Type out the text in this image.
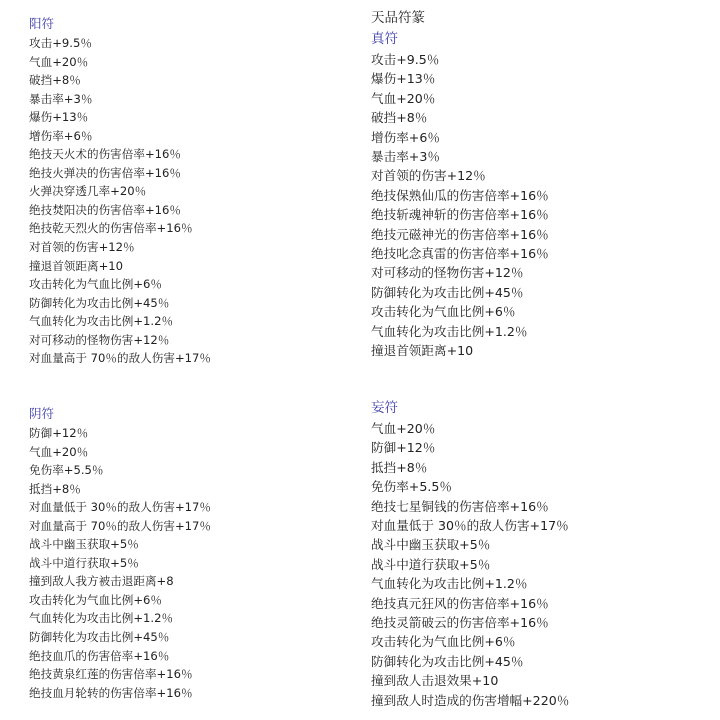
天品符篆
阳符
攻击+9.5％
气血+20％
破挡+8％
暴击率+3％
爆伤+13％
增伤率+6％
绝技天火术的伤害倍率+16％
绝技火弹决的伤害倍率+16％
火弹决穿透几率+20％
绝技焚阳决的伤害倍率+16％
绝技乾天烈火的伤害倍率+16％
对首领的伤害+12％
撞退首领距离+10
攻击转化为气血比例+6％
防御转化为攻击比例+45％
气血转化为攻击比例+1.2％
对可移动的怪物伤害+12％
对血量高于 70％的敌人伤害+17％
阴符
防御+12％
气血+20％
免伤率+5.5％
抵挡+8％
对血量低于 30％的敌人伤害+17％
对血量高于 70％的敌人伤害+17％
战斗中幽玉获取+5％
战斗中道行获取+5％
撞到敌人我方被击退距离+8
攻击转化为气血比例+6％
气血转化为攻击比例+1.2％
防御转化为攻击比例+45％
绝技血爪的伤害倍率+16％
绝技黄泉红莲的伤害倍率+16％
绝技血月轮转的伤害倍率+16％
真符
攻击+9.5％
爆伤+13％
气血+20％
破挡+8％
增伤率+6％
暴击率+3％
对首领的伤害+12％
绝技保熟仙瓜的伤害倍率+16％
绝技斩魂神斩的伤害倍率+16％
绝技元磁神光的伤害倍率+16％
绝技叱念真雷的伤害倍率+16％
对可移动的怪物伤害+12％
防御转化为攻击比例+45％
攻击转化为气血比例+6％
气血转化为攻击比例+1.2％
撞退首领距离+10
妄符
气血+20％
防御+12％
抵挡+8％
免伤率+5.5％
绝技七星铜钱的伤害倍率+16％
对血量低于 30％的敌人伤害+17％
战斗中幽玉获取+5％
战斗中道行获取+5％
气血转化为攻击比例+1.2％
绝技真元狂风的伤害倍率+16％
绝技灵箭破云的伤害倍率+16％
攻击转化为气血比例+6％
防御转化为攻击比例+45％
撞到敌人击退效果+10
撞到敌人时造成的伤害增幅+220％
